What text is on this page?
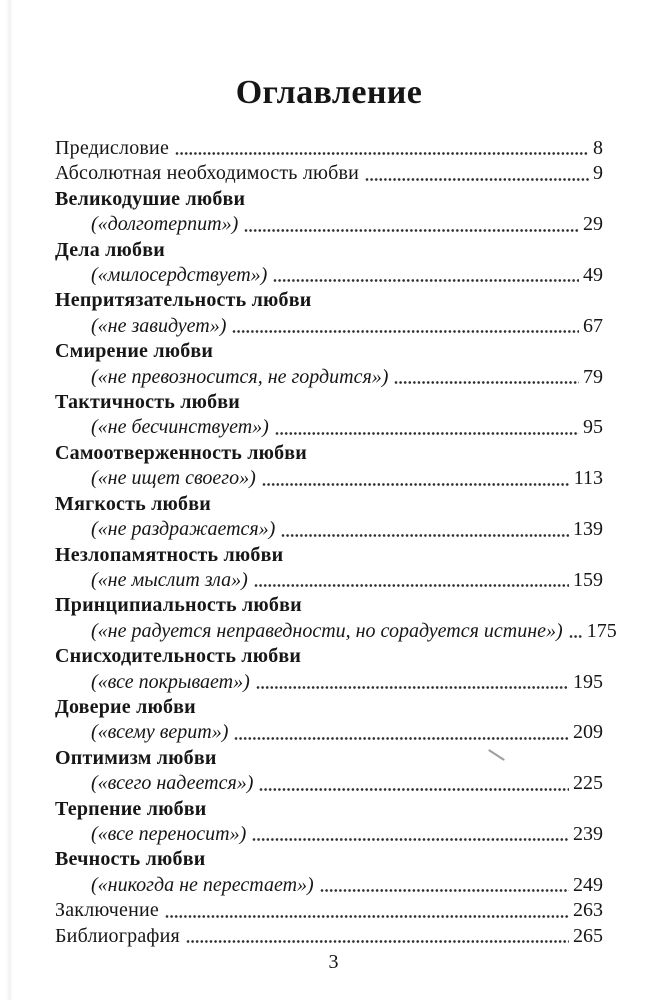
Оглавление
Предисловие	8
Абсолютная необходимость любви	9
Великодушие любви
(«долготерпит»)	29
Дела любви
(«милосердствует»)	49
Непритязательность любви
(«не завидует»)	67
Смирение любви
(«не превозносится, не гордится»)	79
Тактичность любви
(«не бесчинствует»)	95
Самоотверженность любви
(«не ищет своего»)	113
Мягкость любви
(«не раздражается»)	139
Незлопамятность любви
(«не мыслит зла»)	159
Принципиальность любви
(«не радуется неправедности, но сорадуется истине») 175
Снисходительность любви
(«все покрывает»)	195
Доверие любви
(«всему верит»)	209
Оптимизм любви
(«всего надеется»)	225
Терпение любви
(«все переносит»)	239
Вечность любви
(«никогда не перестает»)	249
Заключение	263
Библиография	265
3
